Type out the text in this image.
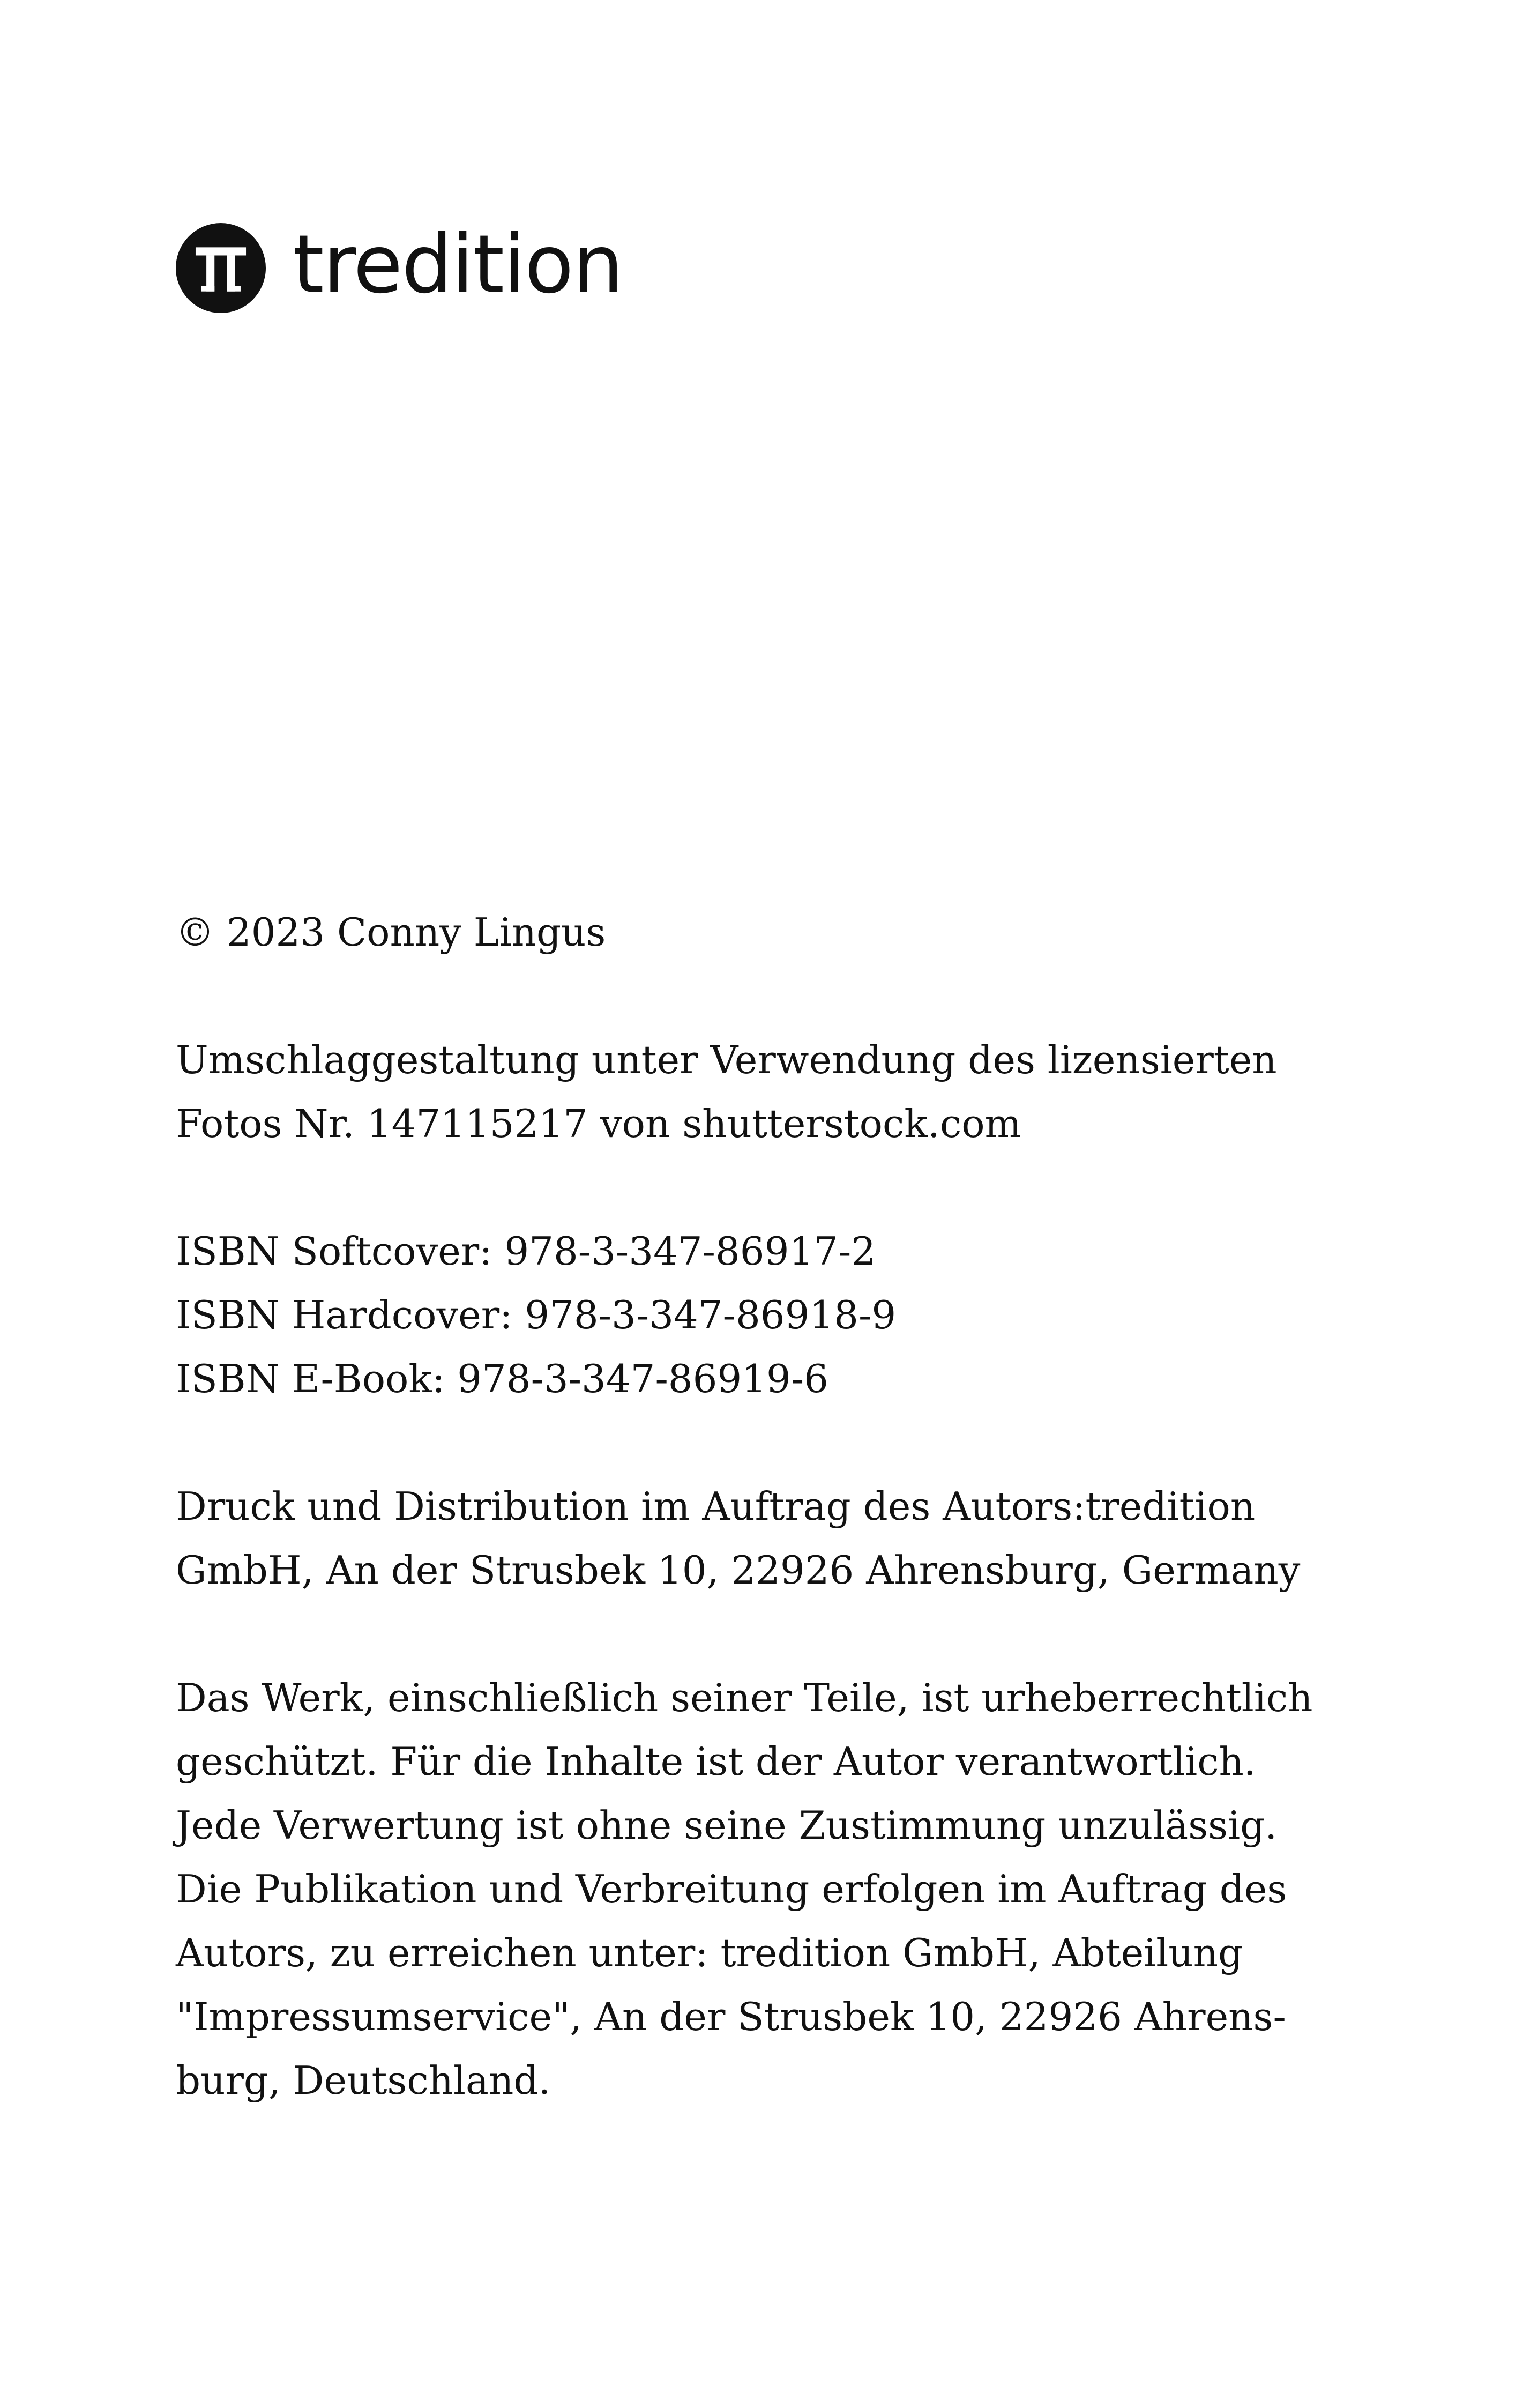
tredition

© 2023 Conny Lingus

Umschlaggestaltung unter Verwendung des lizensierten
Fotos Nr. 147115217 von shutterstock.com

ISBN Softcover: 978-3-347-86917-2
ISBN Hardcover: 978-3-347-86918-9
ISBN E-Book: 978-3-347-86919-6

Druck und Distribution im Auftrag des Autors:tredition
GmbH, An der Strusbek 10, 22926 Ahrensburg, Germany

Das Werk, einschließlich seiner Teile, ist urheberrechtlich
geschützt. Für die Inhalte ist der Autor verantwortlich.
Jede Verwertung ist ohne seine Zustimmung unzulässig.
Die Publikation und Verbreitung erfolgen im Auftrag des
Autors, zu erreichen unter: tredition GmbH, Abteilung
"Impressumservice", An der Strusbek 10, 22926 Ahrens-
burg, Deutschland.
